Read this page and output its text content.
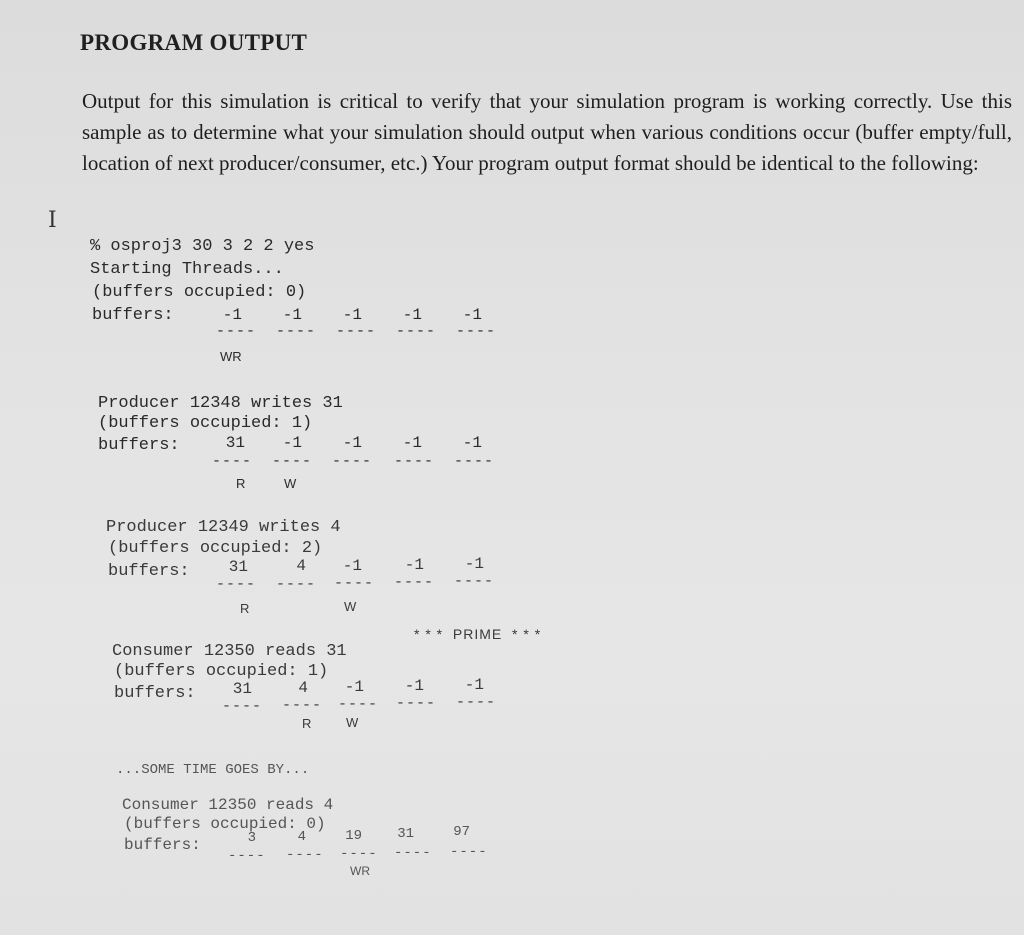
PROGRAM OUTPUT
Output for this simulation is critical to verify that your simulation program is working correctly. Use this sample as to determine what your simulation should output when various conditions occur (buffer empty/full, location of next producer/consumer, etc.) Your program output format should be identical to the following:
I
% osproj3 30 3 2 2 yes
Starting Threads...
(buffers occupied: 0)
buffers:	-1	-1	-1	-1	-1
---- ---- ---- ---- ----
WR
Producer 12348 writes 31
(buffers occupied: 1)
buffers:	31	-1	-1	-1	-1
---- ---- ---- ---- ----
R	W
Producer 12349 writes 4
(buffers occupied: 2)
buffers:	31	4	-1	-1	-1
---- ---- ---- ---- ----
R	W
* * *  PRIME  * * *
Consumer 12350 reads 31
(buffers occupied: 1)
buffers:	31	4	-1	-1	-1
---- ---- ---- ---- ----
R	W
...SOME TIME GOES BY...
Consumer 12350 reads 4
(buffers occupied: 0)
buffers:	3	4	19	31	97
---- ---- ---- ---- ----
WR
